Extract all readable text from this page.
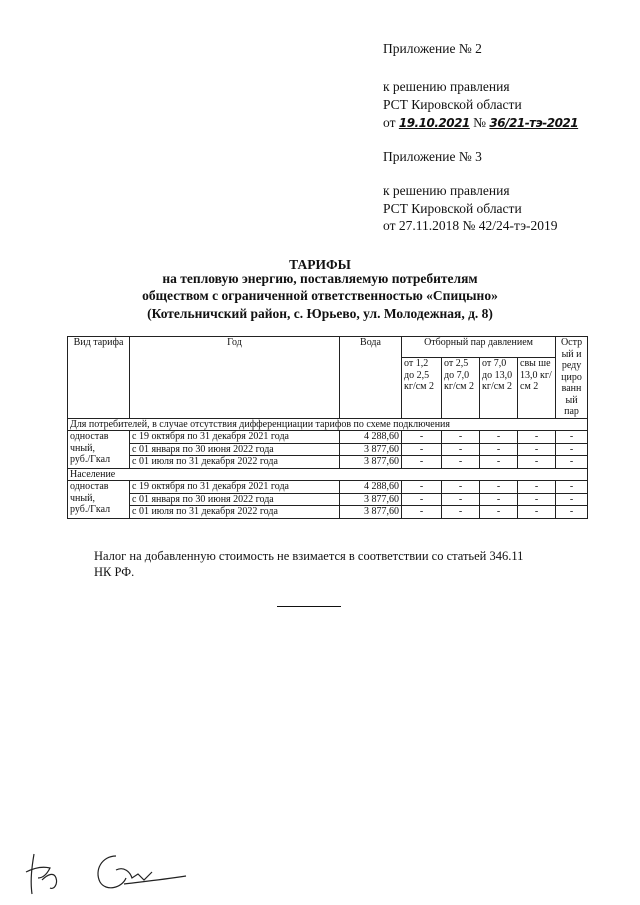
Приложение № 2
к решению правления
РСТ Кировской области
от 19.10.2021 № 36/21-тэ-2021
Приложение № 3
к решению правления
РСТ Кировской области
от 27.11.2018 № 42/24-тэ-2019
ТАРИФЫ
на тепловую энергию, поставляемую потребителям
обществом с ограниченной ответственностью «Спицыно»
(Котельничский район, с. Юрьево, ул. Молодежная, д. 8)
Вид тарифа	Год	Вода	Отборный пар давлением				Остр ый и реду циро ванн ый пар
			от 1,2 до 2,5 кг/см 2	от 2,5 до 7,0 кг/см 2	от 7,0 до 13,0 кг/см 2	свы ше 13,0 кг/см 2	
Для потребителей, в случае отсутствия дифференциации тарифов по схеме подключения							
одностав
чный,
руб./Гкал	с 19 октября по 31 декабря 2021 года	4 288,60	-	-	-	-	-
	с 01 января по 30 июня 2022 года	3 877,60	-	-	-	-	-
	с 01 июля по 31 декабря 2022 года	3 877,60	-	-	-	-	-
Население							
одностав
чный,
руб./Гкал	с 19 октября по 31 декабря 2021 года	4 288,60	-	-	-	-	-
	с 01 января по 30 июня 2022 года	3 877,60	-	-	-	-	-
	с 01 июля по 31 декабря 2022 года	3 877,60	-	-	-	-	-
Налог на добавленную стоимость не взимается в соответствии со статьей 346.11
НК РФ.
